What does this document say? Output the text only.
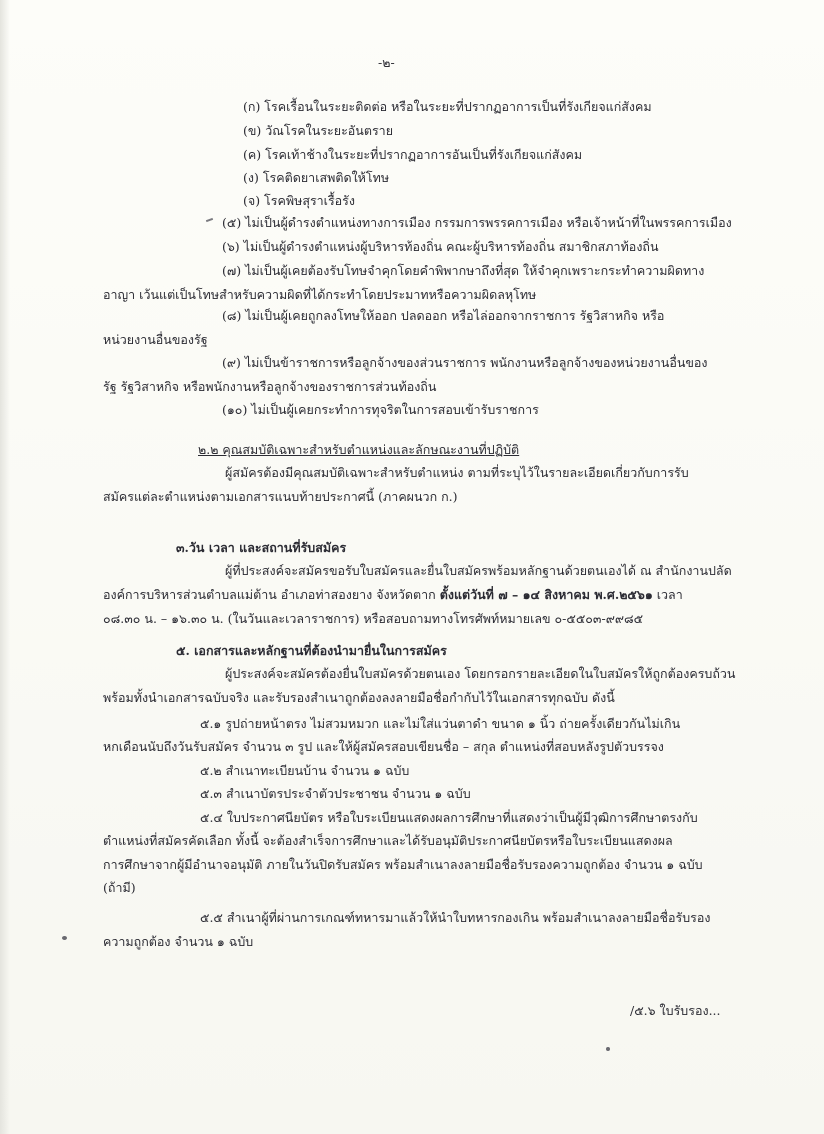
-๒-
(ก) โรคเรื้อนในระยะติดต่อ หรือในระยะที่ปรากฏอาการเป็นที่รังเกียจแก่สังคม
(ข) วัณโรคในระยะอันตราย
(ค) โรคเท้าช้างในระยะที่ปรากฏอาการอันเป็นที่รังเกียจแก่สังคม
(ง) โรคติดยาเสพติดให้โทษ
(จ) โรคพิษสุราเรื้อรัง
(๕) ไม่เป็นผู้ดำรงตำแหน่งทางการเมือง กรรมการพรรคการเมือง หรือเจ้าหน้าที่ในพรรคการเมือง
(๖) ไม่เป็นผู้ดำรงตำแหน่งผู้บริหารท้องถิ่น คณะผู้บริหารท้องถิ่น สมาชิกสภาท้องถิ่น
(๗) ไม่เป็นผู้เคยต้องรับโทษจำคุกโดยคำพิพากษาถึงที่สุด ให้จำคุกเพราะกระทำความผิดทาง
อาญา เว้นแต่เป็นโทษสำหรับความผิดที่ได้กระทำโดยประมาทหรือความผิดลหุโทษ
(๘) ไม่เป็นผู้เคยถูกลงโทษให้ออก ปลดออก หรือไล่ออกจากราชการ รัฐวิสาหกิจ หรือ
หน่วยงานอื่นของรัฐ
(๙) ไม่เป็นข้าราชการหรือลูกจ้างของส่วนราชการ พนักงานหรือลูกจ้างของหน่วยงานอื่นของ
รัฐ รัฐวิสาหกิจ หรือพนักงานหรือลูกจ้างของราชการส่วนท้องถิ่น
(๑๐) ไม่เป็นผู้เคยกระทำการทุจริตในการสอบเข้ารับราชการ
๒.๒ คุณสมบัติเฉพาะสำหรับตำแหน่งและลักษณะงานที่ปฏิบัติ
ผู้สมัครต้องมีคุณสมบัติเฉพาะสำหรับตำแหน่ง ตามที่ระบุไว้ในรายละเอียดเกี่ยวกับการรับ
สมัครแต่ละตำแหน่งตามเอกสารแนบท้ายประกาศนี้ (ภาคผนวก ก.)
๓.วัน เวลา และสถานที่รับสมัคร
ผู้ที่ประสงค์จะสมัครขอรับใบสมัครและยื่นใบสมัครพร้อมหลักฐานด้วยตนเองได้ ณ สำนักงานปลัด
องค์การบริหารส่วนตำบลแม่ต้าน อำเภอท่าสองยาง จังหวัดตาก ตั้งแต่วันที่ ๗ – ๑๔ สิงหาคม พ.ศ.๒๕๖๑ เวลา
๐๘.๓๐ น. – ๑๖.๓๐ น. (ในวันและเวลาราชการ) หรือสอบถามทางโทรศัพท์หมายเลข ๐-๕๕๐๓-๙๙๘๕
๕. เอกสารและหลักฐานที่ต้องนำมายื่นในการสมัคร
ผู้ประสงค์จะสมัครต้องยื่นใบสมัครด้วยตนเอง โดยกรอกรายละเอียดในใบสมัครให้ถูกต้องครบถ้วน
พร้อมทั้งนำเอกสารฉบับจริง และรับรองสำเนาถูกต้องลงลายมือชื่อกำกับไว้ในเอกสารทุกฉบับ ดังนี้
๕.๑ รูปถ่ายหน้าตรง ไม่สวมหมวก และไม่ใส่แว่นตาดำ ขนาด ๑ นิ้ว ถ่ายครั้งเดียวกันไม่เกิน
หกเดือนนับถึงวันรับสมัคร จำนวน ๓ รูป และให้ผู้สมัครสอบเขียนชื่อ – สกุล ตำแหน่งที่สอบหลังรูปตัวบรรจง
๕.๒ สำเนาทะเบียนบ้าน จำนวน ๑ ฉบับ
๕.๓ สำเนาบัตรประจำตัวประชาชน จำนวน ๑ ฉบับ
๕.๔ ใบประกาศนียบัตร หรือใบระเบียนแสดงผลการศึกษาที่แสดงว่าเป็นผู้มีวุฒิการศึกษาตรงกับ
ตำแหน่งที่สมัครคัดเลือก ทั้งนี้ จะต้องสำเร็จการศึกษาและได้รับอนุมัติประกาศนียบัตรหรือใบระเบียนแสดงผล
การศึกษาจากผู้มีอำนาจอนุมัติ ภายในวันปิดรับสมัคร พร้อมสำเนาลงลายมือชื่อรับรองความถูกต้อง จำนวน ๑ ฉบับ
(ถ้ามี)
๕.๕ สำเนาผู้ที่ผ่านการเกณฑ์ทหารมาแล้วให้นำใบทหารกองเกิน พร้อมสำเนาลงลายมือชื่อรับรอง
ความถูกต้อง จำนวน ๑ ฉบับ
/๕.๖ ใบรับรอง...
